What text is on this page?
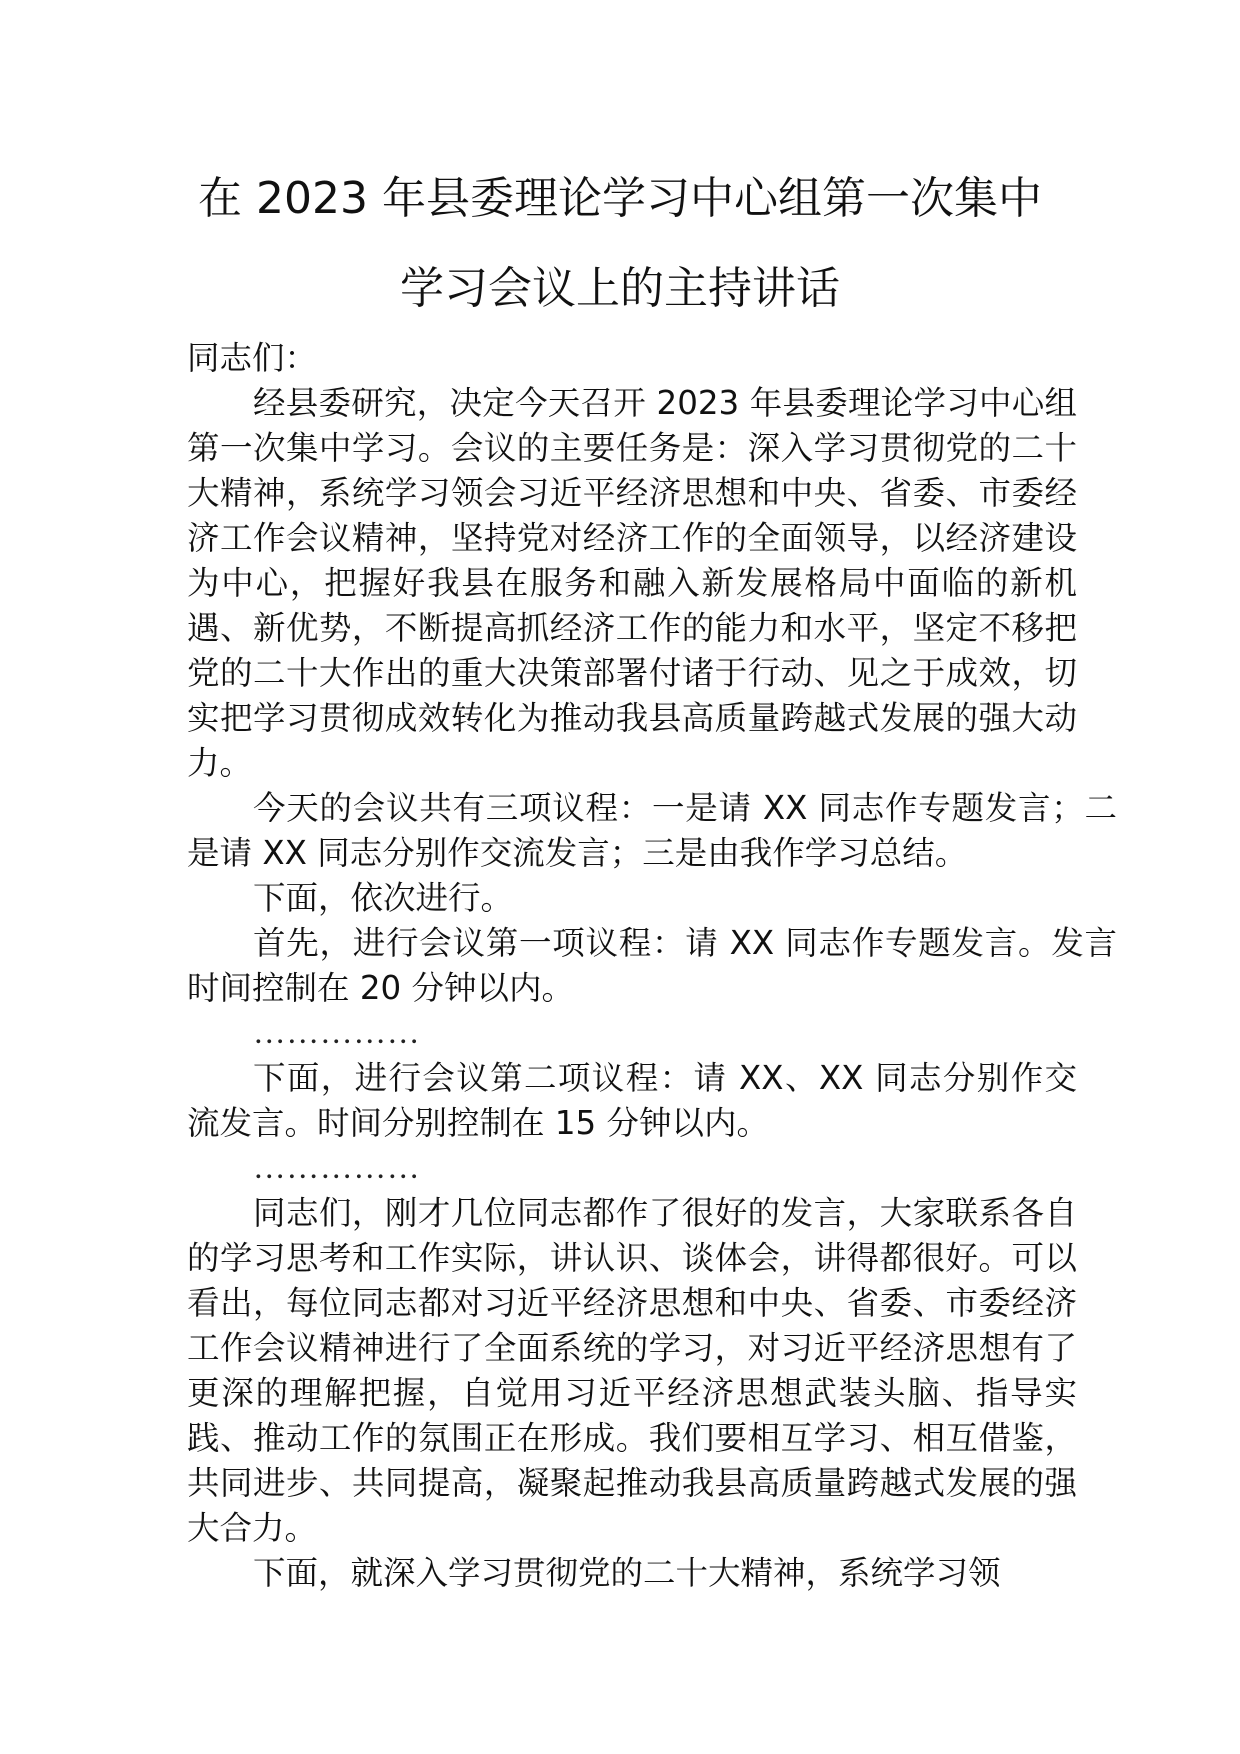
在 2023 年县委理论学习中心组第一次集中
学习会议上的主持讲话
同志们：

经县委研究，决定今天召开 2023 年县委理论学习中心组第一次集中学习。会议的主要任务是：深入学习贯彻党的二十大精神，系统学习领会习近平经济思想和中央、省委、市委经济工作会议精神，坚持党对经济工作的全面领导，以经济建设为中心，把握好我县在服务和融入新发展格局中面临的新机遇、新优势，不断提高抓经济工作的能力和水平，坚定不移把党的二十大作出的重大决策部署付诸于行动、见之于成效，切实把学习贯彻成效转化为推动我县高质量跨越式发展的强大动力。

今天的会议共有三项议程：一是请 XX 同志作专题发言；二是请 XX 同志分别作交流发言；三是由我作学习总结。

下面，依次进行。

首先，进行会议第一项议程：请 XX 同志作专题发言。发言时间控制在 20 分钟以内。

……………

下面，进行会议第二项议程：请 XX、XX 同志分别作交流发言。时间分别控制在 15 分钟以内。

……………

同志们，刚才几位同志都作了很好的发言，大家联系各自的学习思考和工作实际，讲认识、谈体会，讲得都很好。可以看出，每位同志都对习近平经济思想和中央、省委、市委经济工作会议精神进行了全面系统的学习，对习近平经济思想有了更深的理解把握，自觉用习近平经济思想武装头脑、指导实践、推动工作的氛围正在形成。我们要相互学习、相互借鉴，共同进步、共同提高，凝聚起推动我县高质量跨越式发展的强大合力。

下面，就深入学习贯彻党的二十大精神，系统学习领
